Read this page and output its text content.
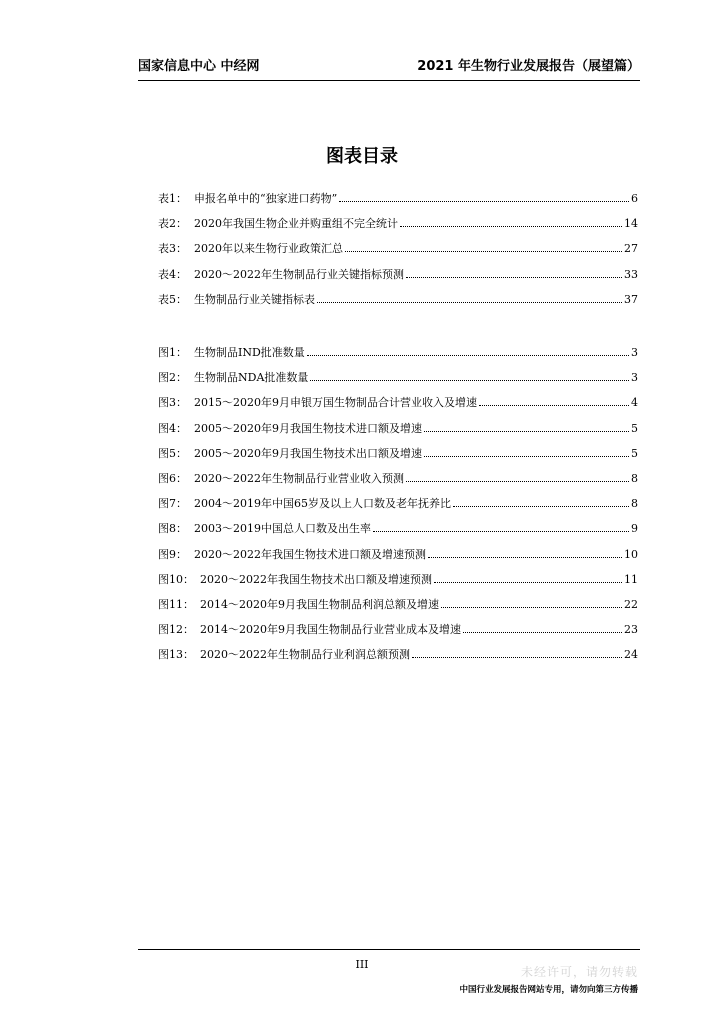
国家信息中心 中经网	2021 年生物行业发展报告（展望篇）
图表目录
表1： 申报名单中的“独家进口药物”	6
表2： 2020年我国生物企业并购重组不完全统计	14
表3： 2020年以来生物行业政策汇总	27
表4： 2020～2022年生物制品行业关键指标预测	33
表5： 生物制品行业关键指标表	37
图1： 生物制品IND批准数量	3
图2： 生物制品NDA批准数量	3
图3： 2015～2020年9月申银万国生物制品合计营业收入及增速	4
图4： 2005～2020年9月我国生物技术进口额及增速	5
图5： 2005～2020年9月我国生物技术出口额及增速	5
图6： 2020～2022年生物制品行业营业收入预测	8
图7： 2004～2019年中国65岁及以上人口数及老年抚养比	8
图8： 2003～2019中国总人口数及出生率	9
图9： 2020～2022年我国生物技术进口额及增速预测	10
图10： 2020～2022年我国生物技术出口额及增速预测	11
图11： 2014～2020年9月我国生物制品利润总额及增速	22
图12： 2014～2020年9月我国生物制品行业营业成本及增速	23
图13： 2020～2022年生物制品行业利润总额预测	24
III
未经许可，请勿转载
中国行业发展报告网站专用，请勿向第三方传播
